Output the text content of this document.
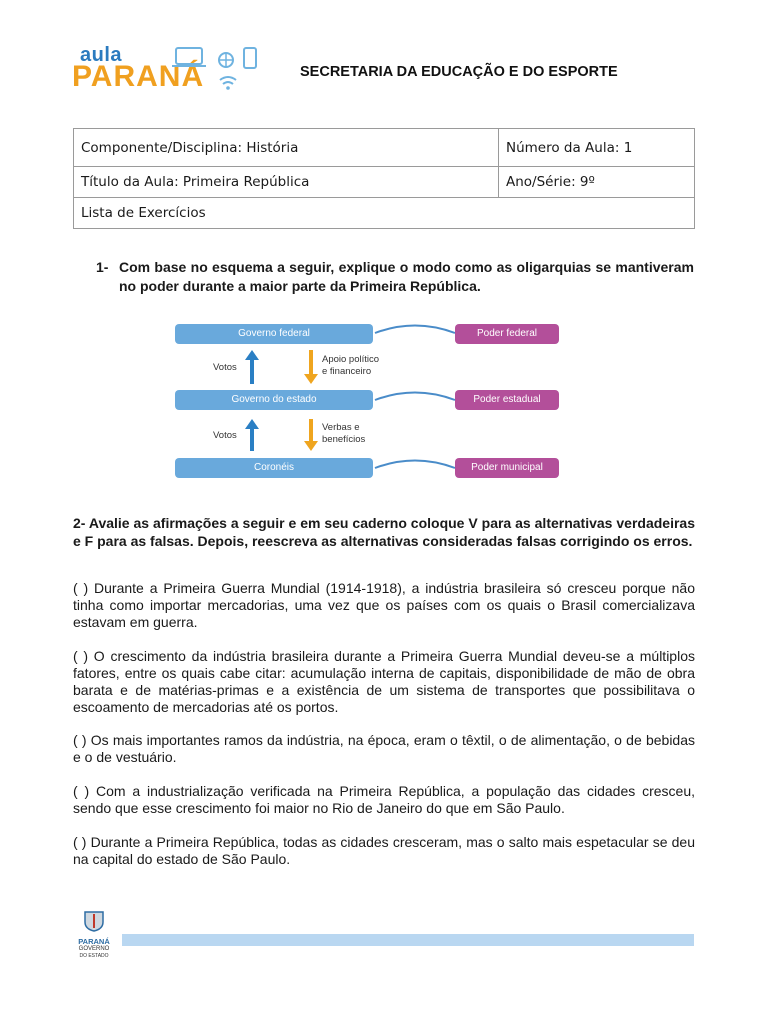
aula
PARANÁ	SECRETARIA DA EDUCAÇÃO E DO ESPORTE
Componente/Disciplina: História	Número da Aula: 1
Título da Aula: Primeira República	Ano/Série: 9º
Lista de Exercícios	
1- Com base no esquema a seguir, explique o modo como as oligarquias se mantiveram no poder durante a maior parte da Primeira República.
Governo federal	Poder federal
Votos
Apoio político
e financeiro
Governo do estado	Poder estadual
Votos
Verbas e
benefícios
Coronéis	Poder municipal
2- Avalie as afirmações a seguir e em seu caderno coloque V para as alternativas verdadeiras e F para as falsas. Depois, reescreva as alternativas consideradas falsas corrigindo os erros.
( ) Durante a Primeira Guerra Mundial (1914-1918), a indústria brasileira só cresceu porque não tinha como importar mercadorias, uma vez que os países com os quais o Brasil comercializava estavam em guerra.
( ) O crescimento da indústria brasileira durante a Primeira Guerra Mundial deveu-se a múltiplos fatores, entre os quais cabe citar: acumulação interna de capitais, disponibilidade de mão de obra barata e de matérias-primas e a existência de um sistema de transportes que possibilitava o escoamento de mercadorias até os portos.
( ) Os mais importantes ramos da indústria, na época, eram o têxtil, o de alimentação, o de bebidas e o de vestuário.
( ) Com a industrialização verificada na Primeira República, a população das cidades cresceu, sendo que esse crescimento foi maior no Rio de Janeiro do que em São Paulo.
( ) Durante a Primeira República, todas as cidades cresceram, mas o salto mais espetacular se deu na capital do estado de São Paulo.
PARANÁ
GOVERNO
DO ESTADO
